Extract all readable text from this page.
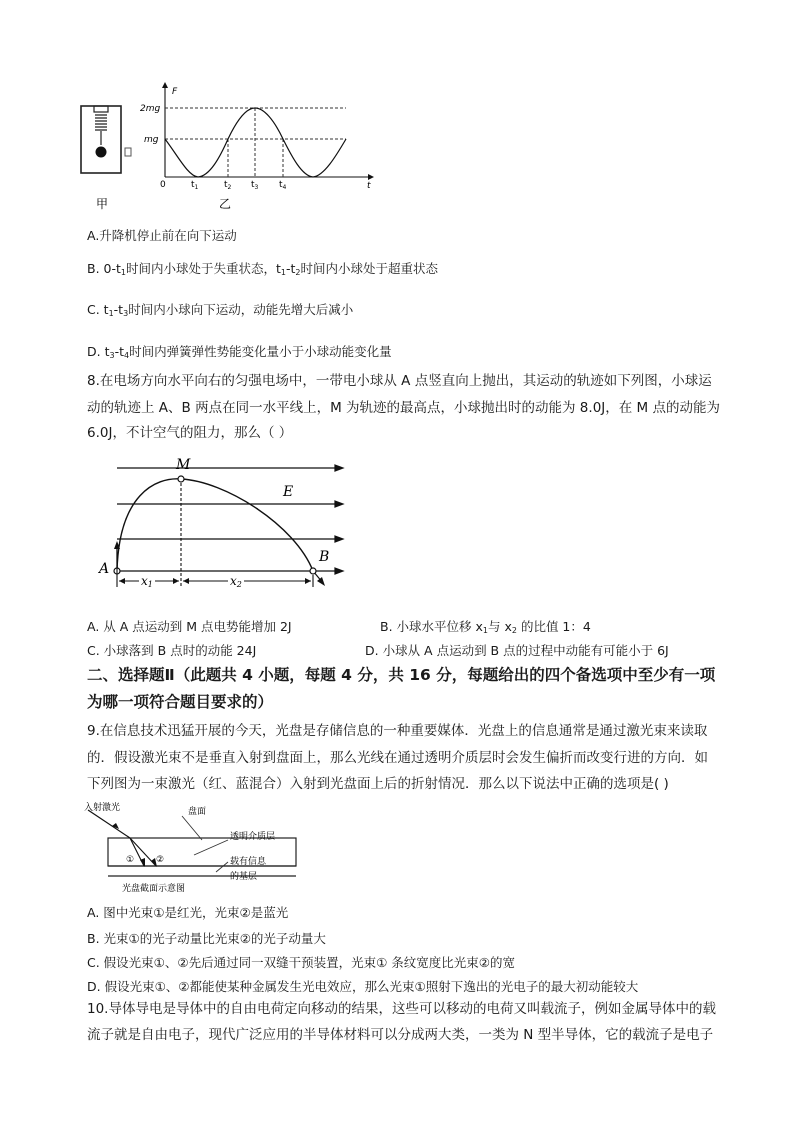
F
t
2mg
mg
0	$t_1$	$t_2$ $t_3$ $t_4$
甲	乙
A.升降机停止前在向下运动
B. $0-t_1$时间内小球处于失重状态，$t_1-t_2$时间内小球处于超重状态
C. $t_1-t_3$时间内小球向下运动，动能先增大后减小
D. $t_3-t_4$时间内弹簧弹性势能变化量小于小球动能变化量
8.在电场方向水平向右的匀强电场中，一带电小球从 A 点竖直向上抛出，其运动的轨迹如下列图，小球运
动的轨迹上 A、B 两点在同一水平线上，M 为轨迹的最高点，小球抛出时的动能为 8.0J，在 M 点的动能为
6.0J，不计空气的阻力，那么（ ）
x1	x2
M
E
A
B
A. 从 A 点运动到 M 点电势能增加 2J	B. 小球水平位移 $x_1$与 $x_2$ 的比值 1：4
C. 小球落到 B 点时的动能 24J	D. 小球从 A 点运动到 B 点的过程中动能有可能小于 6J
二、选择题Ⅱ（此题共 4 小题，每题 4 分，共 16 分，每题给出的四个备选项中至少有一项
为哪一项符合题目要求的）
9.在信息技术迅猛开展的今天，光盘是存储信息的一种重要媒体．光盘上的信息通常是通过激光束来读取
的．假设激光束不是垂直入射到盘面上，那么光线在通过透明介质层时会发生偏折而改变行进的方向．如
下列图为一束激光（红、蓝混合）入射到光盘面上后的折射情况．那么以下说法中正确的选项是( )
① ②
入射激光	盘面
透明介质层
载有信息
的基层
光盘截面示意图
A. 图中光束①是红光，光束②是蓝光
B. 光束①的光子动量比光束②的光子动量大
C. 假设光束①、②先后通过同一双缝干预装置，光束① 条纹宽度比光束②的宽
D. 假设光束①、②都能使某种金属发生光电效应，那么光束①照射下逸出的光电子的最大初动能较大
10.导体导电是导体中的自由电荷定向移动的结果，这些可以移动的电荷又叫载流子，例如金属导体中的载
流子就是自由电子，现代广泛应用的半导体材料可以分成两大类，一类为 N 型半导体，它的载流子是电子
